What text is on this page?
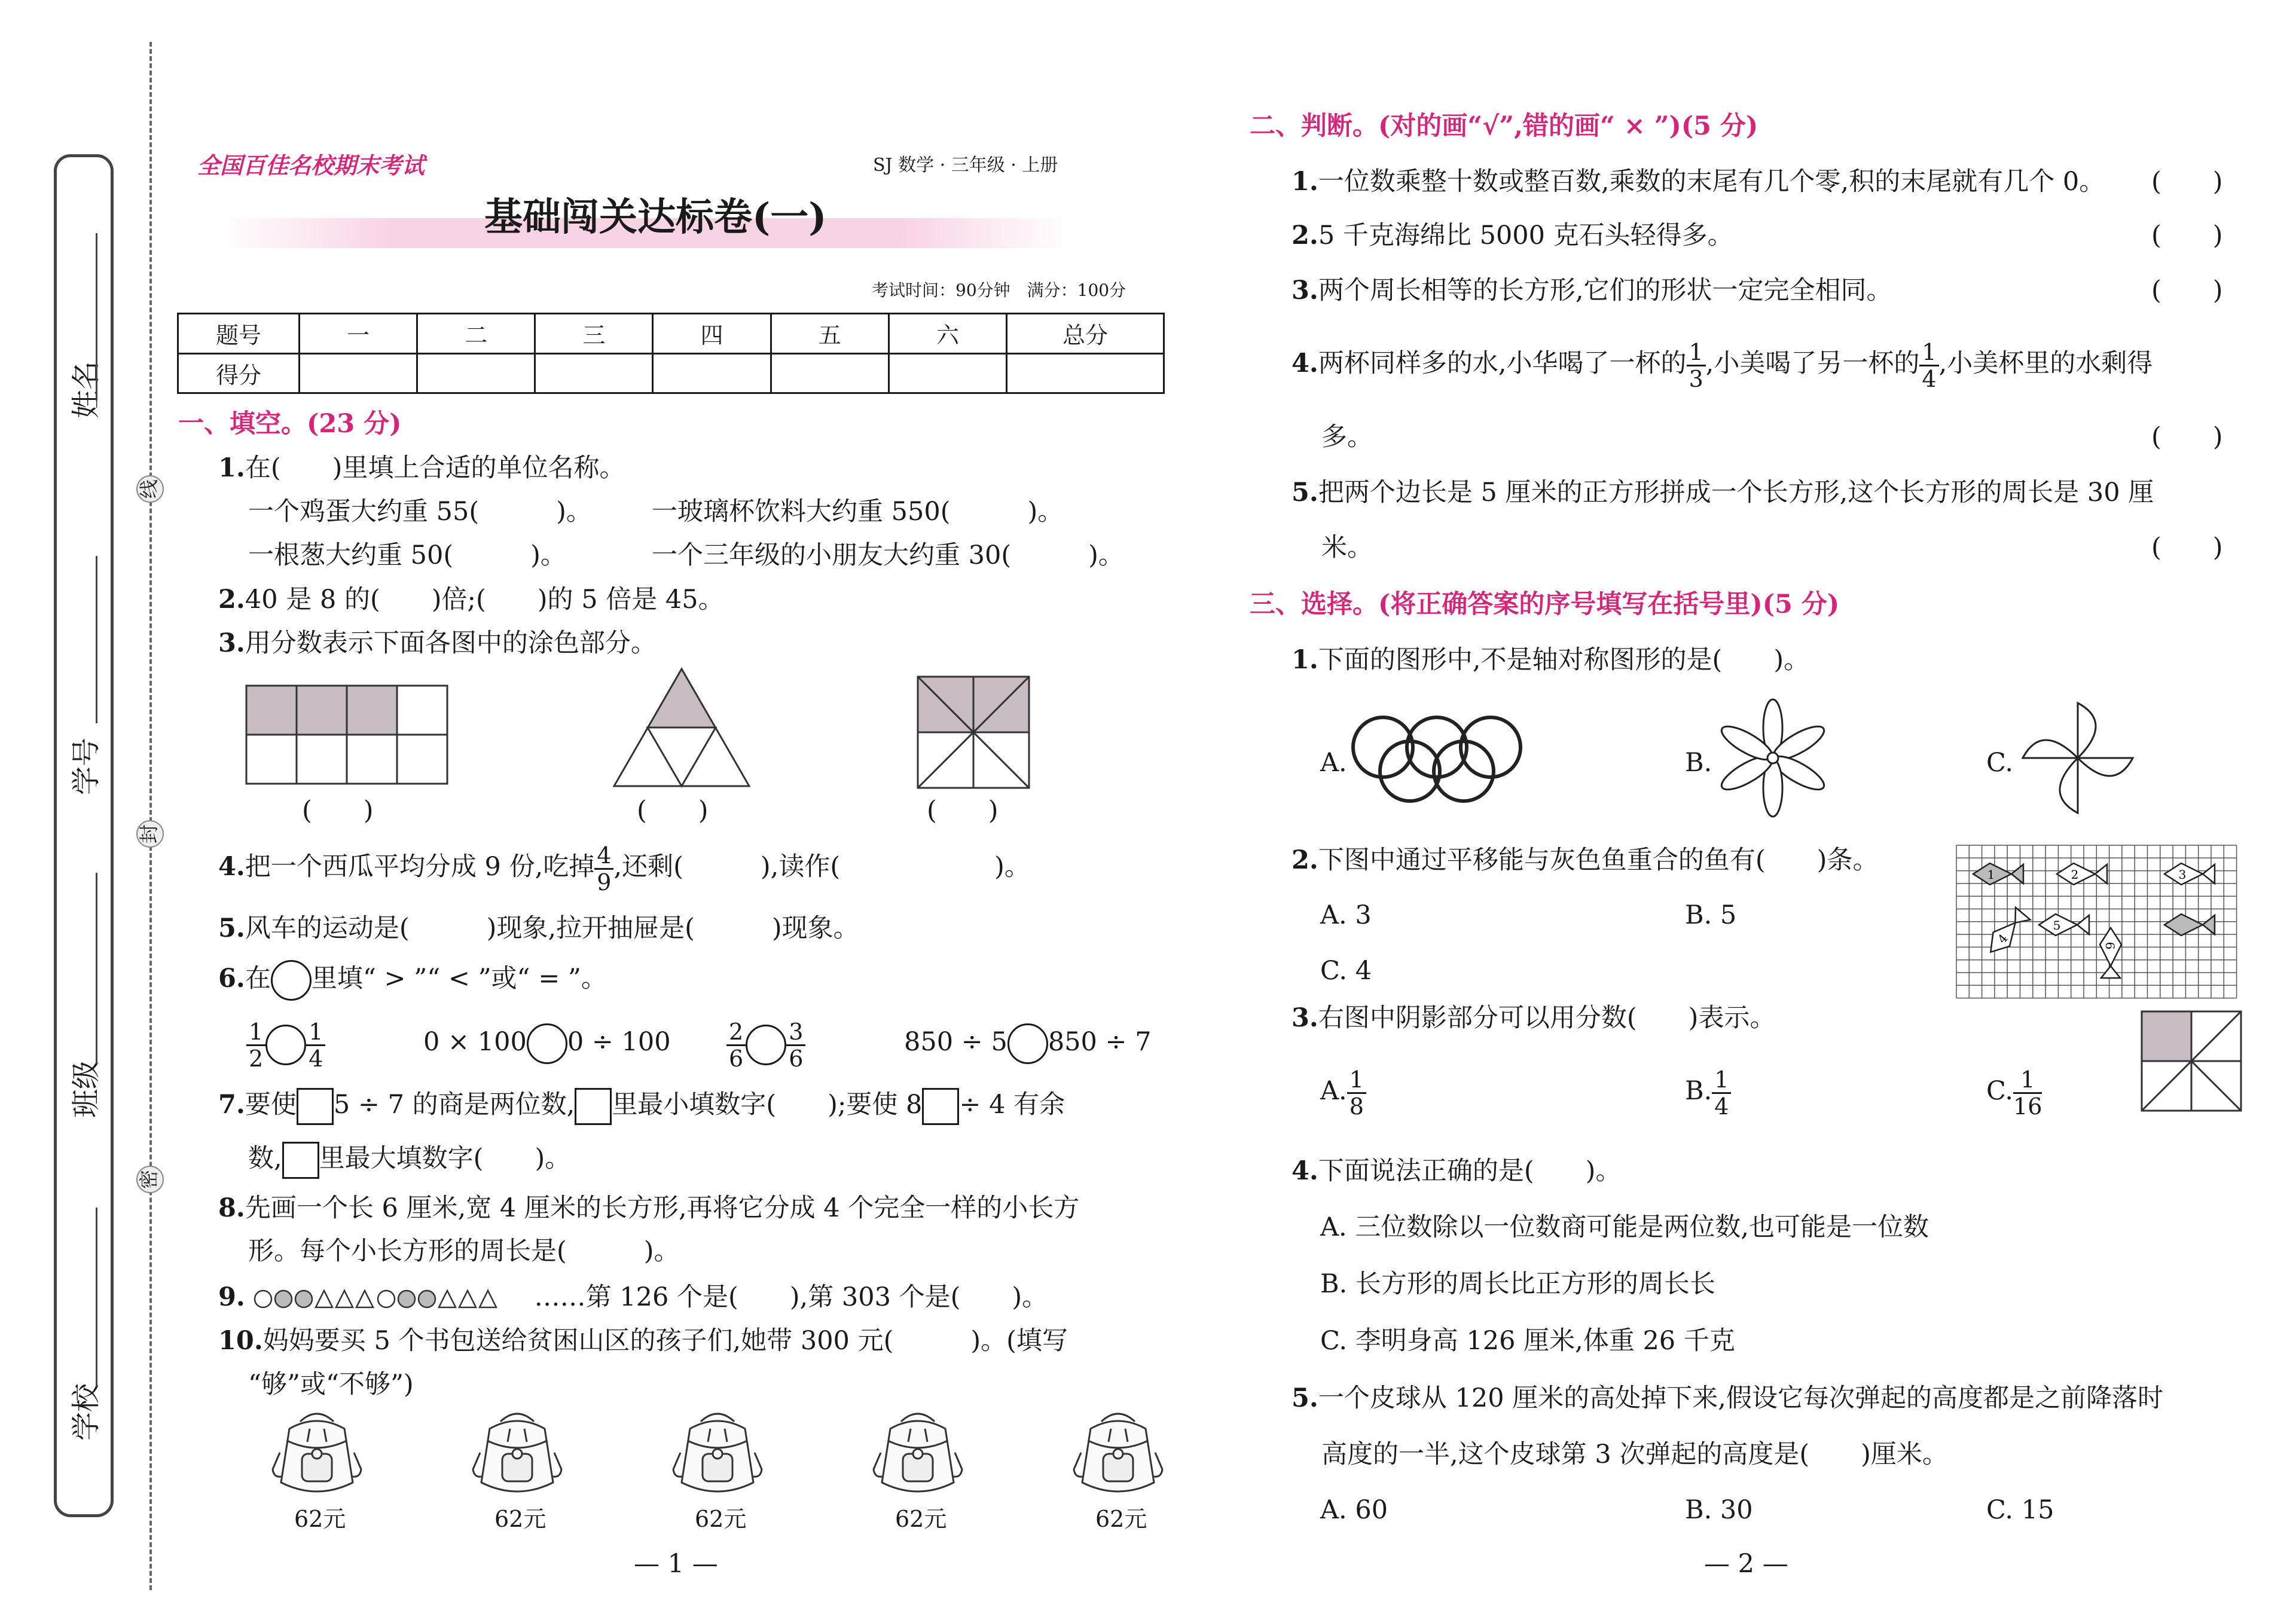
姓名
学号
班级
学校
线
封
密
全国百佳名校期末考试	SJ 数学 · 三年级 · 上册
基础闯关达标卷(一)
考试时间：90分钟　满分：100分
题号	一	二	三	四	五	六	总分
得分							
一、填空。(23 分)
1.在(　　)里填上合适的单位名称。
一个鸡蛋大约重 55(　　　)。 一玻璃杯饮料大约重 550(　　　)。
一根葱大约重 50(　　　)。	一个三年级的小朋友大约重 30(　　　)。
2.40 是 8 的(　　)倍;(　　)的 5 倍是 45。
3.用分数表示下面各图中的涂色部分。
(　　)	(　　)	(　　)
4.把一个西瓜平均分成 9 份,吃掉 $\frac{4}{9}$ ,还剩(　　　),读作(　　　　　　)。
5.风车的运动是(　　　)现象,拉开抽屉是(　　　)现象。
6.在 里填“ > ”“ < ”或“ = ”。
$\frac{1}{2} \frac{1}{4}$	0 × 100 $0 \div 100 \frac{2}{6} \frac{3}{6}$	850 ÷ 5 850 ÷ 7
7.要使 5 ÷ 7 的商是两位数, 里最小填数字(　　);要使 8 ÷ 4 有余
数, 里最大填数字(　　)。
8.先画一个长 6 厘米,宽 4 厘米的长方形,再将它分成 4 个完全一样的小长方
形。每个小长方形的周长是(　　　)。
9.	……第 126 个是(　　),第 303 个是(　　)。
10.妈妈要买 5 个书包送给贫困山区的孩子们,她带 300 元(　　　)。(填写
“够”或“不够”)
62元	62元	62元	62元	62元
— 1 —
二、判断。(对的画“√”,错的画“ × ”)(5 分)
1.一位数乘整十数或整百数,乘数的末尾有几个零,积的末尾就有几个 0。 (　　)
2.5 千克海绵比 5000 克石头轻得多。	(　　)
3.两个周长相等的长方形,它们的形状一定完全相同。	(　　)
4.两杯同样多的水,小华喝了一杯的 $\frac{1}{3}$ ,小美喝了另一杯的 $\frac{1}{4}$ ,小美杯里的水剩得
多。	(　　)
5.把两个边长是 5 厘米的正方形拼成一个长方形,这个长方形的周长是 30 厘
米。	(　　)
三、选择。(将正确答案的序号填写在括号里)(5 分)
1.下面的图形中,不是轴对称图形的是(　　)。
A.	B.	C.
2.下图中通过平移能与灰色鱼重合的鱼有(　　)条。
A. 3	B. 5
C. 4
1	2	3
5
4	6
3.右图中阴影部分可以用分数(　　)表示。
A. $\frac{1}{8}$	B. $\frac{1}{4}$	C. $\frac{1}{16}$
4.下面说法正确的是(　　)。
A. 三位数除以一位数商可能是两位数,也可能是一位数
B. 长方形的周长比正方形的周长长
C. 李明身高 126 厘米,体重 26 千克
5.一个皮球从 120 厘米的高处掉下来,假设它每次弹起的高度都是之前降落时
高度的一半,这个皮球第 3 次弹起的高度是(　　)厘米。
A. 60	B. 30	C. 15
— 2 —
